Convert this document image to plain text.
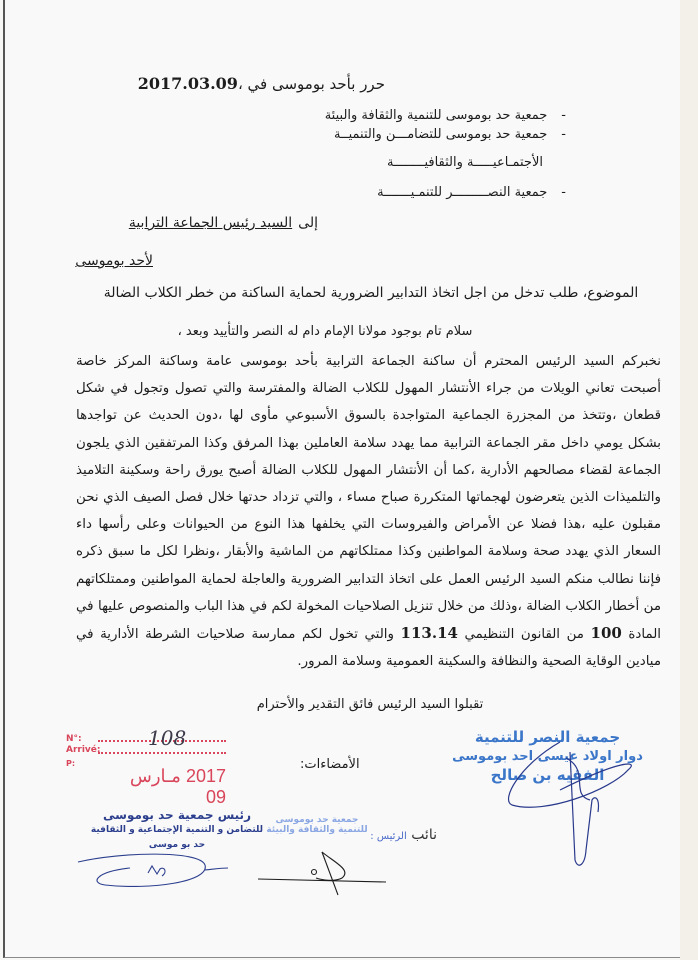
حرر بأحد بوموسى في ،2017.03.09
-جمعية حد بوموسى للتنمية والثقافة والبيئة
-جمعية حد بوموسى للتضامـــن والتنميــة
الأجتمـاعيـــــة والثقافيــــــــة
-جمعية النصـــــــــر للتنمـيـــــــة
إلىالسيد رئيس الجماعة الترابية
لأحد بوموسى
الموضوع، طلب تدخل من اجل اتخاذ التدابير الضرورية لحماية الساكنة من خطر الكلاب الضالة
سلام تام بوجود مولانا الإمام دام له النصر والتأييد وبعد ،
نخبركم السيد الرئيس المحترم أن ساكنة الجماعة الترابية بأحد بوموسى عامة وساكنة المركز خاصة أصبحت تعاني الويلات من جراء الأنتشار المهول للكلاب الضالة والمفترسة والتي تصول وتجول في شكل قطعان ،وتتخذ من المجزرة الجماعية المتواجدة بالسوق الأسبوعي مأوى لها ،دون الحديث عن تواجدها بشكل يومي داخل مقر الجماعة الترابية مما يهدد سلامة العاملين بهذا المرفق وكذا المرتفقين الذي يلجون الجماعة لقضاء مصالحهم الأدارية ،كما أن الأنتشار المهول للكلاب الضالة أصبح يورق راحة وسكينة التلاميذ والتلميذات الذين يتعرضون لهجماتها المتكررة صباح مساء ، والتي تزداد حدتها خلال فصل الصيف الذي نحن مقبلون عليه ،هذا فضلا عن الأمراض والفيروسات التي يخلفها هذا النوع من الحيوانات وعلى رأسها داء السعار الذي يهدد صحة وسلامة المواطنين وكذا ممتلكاتهم من الماشية والأبقار ،ونظرا لكل ما سبق ذكره فإننا نطالب منكم السيد الرئيس العمل على اتخاذ التدابير الضرورية والعاجلة لحماية المواطنين وممتلكاتهم من أخطار الكلاب الضالة ،وذلك من خلال تنزيل الصلاحيات المخولة لكم في هذا الباب والمنصوص عليها في المادة 100 من القانون التنظيمي 113.14 والتي تخول لكم ممارسة صلاحيات الشرطة الأدارية في ميادين الوقاية الصحية والنظافة والسكينة العمومية وسلامة المرور.
تقبلوا السيد الرئيس فائق التقدير والأحترام
الأمضاءات:
N°:
Arrivé:
P:
108
2017 مـارس 09
جمعية النصر للتنمية
دوار اولاد عيسى احد بوموسى
الفقيه بن صالح
رئيس جمعية حد بوموسى
للتضامن و التنمية الإجتماعية و الثقافية
حد بو موسى
جمعية حد بوموسى للتنمية والثقافة والبيئة	نائب الرئيس :
